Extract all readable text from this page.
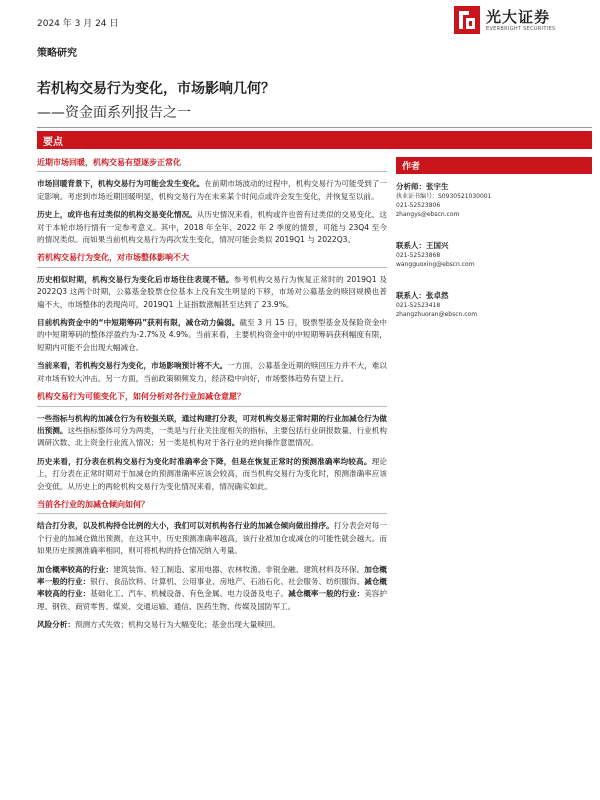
2024 年 3 月 24 日	光大证券
EVERBRIGHT SECURITIES
策略研究
若机构交易行为变化，市场影响几何？
——资金面系列报告之一
要点
近期市场回暖，机构交易有望逐步正常化

市场回暖背景下，机构交易行为可能会发生变化。在前期市场波动的过程中，机构交易行为可能受到了一定影响。考虑到市场近期回暖明显，机构交易行为在未来某个时间点或许会发生变化，并恢复至以前。

历史上，或许也有过类似的机构交易变化情况。从历史情况来看，机构或许也曾有过类似的交易变化，这对于本轮市场行情有一定参考意义。其中，2018 年全年、2022 年 2 季度的情景，可能与 23Q4 至今的情况类似。而如果当前机构交易行为再次发生变化，情况可能会类似 2019Q1 与 2022Q3。

若机构交易行为变化，对市场整体影响不大

历史相似时期，机构交易行为变化后市场往往表现不错。参考机构交易行为恢复正常时的 2019Q1 及 2022Q3 这两个时期，公募基金股票仓位基本上没有发生明显的下移，市场对公募基金的赎回规模也普遍不大，市场整体的表现尚可，2019Q1 上证指数涨幅甚至达到了 23.9%。

目前机构资金中的“中短期筹码”获利有限，减仓动力偏弱。截至 3 月 15 日，股票型基金及保险资金中的中短期筹码的整体浮盈约为-2.7%及 4.9%。当前来看，主要机构资金中的中短期筹码获利幅度有限，短期内可能不会出现大幅减仓。

当前来看，若机构交易行为变化，市场影响预计将不大。一方面，公募基金近期的赎回压力并不大，难以对市场有较大冲击。另一方面，当前政策频频发力，经济稳中向好，市场整体趋势有望上行。

机构交易行为可能变化下，如何分析对各行业加减仓意愿？

一些指标与机构的加减仓行为有较强关联，通过构建打分表，可对机构交易正常时期的行业加减仓行为做出预测。这些指标整体可分为两类，一类是与行业关注度相关的指标，主要包括行业研报数量、行业机构调研次数、北上资金行业流入情况；另一类是机构对于各行业的逆向操作意愿情况。

历史来看，打分表在机构交易行为变化时准确率会下降，但是在恢复正常时的预测准确率均较高。理论上，打分表在正常时期对于加减仓的预测准确率应该会较高，而当机构交易行为变化时，预测准确率应该会变低。从历史上的两轮机构交易行为变化情况来看，情况确实如此。

当前各行业的加减仓倾向如何？

结合打分表，以及机构持仓比例的大小，我们可以对机构各行业的加减仓倾向做出排序。打分表会对每一个行业的加减仓做出预测，在这其中，历史预测准确率越高，该行业被加仓或减仓的可能性就会越大。而如果历史预测准确率相同，则可将机构的持仓情况纳入考量。

加仓概率较高的行业：建筑装饰、轻工制造、家用电器、农林牧渔、非银金融、建筑材料及环保。加仓概率一般的行业：银行、食品饮料、计算机、公用事业、房地产、石油石化、社会服务、纺织服饰。减仓概率较高的行业：基础化工、汽车、机械设备、有色金属、电力设备及电子。减仓概率一般的行业：美容护理、钢铁、商贸零售、煤炭、交通运输、通信、医药生物、传媒及国防军工。

风险分析：预测方式失效；机构交易行为大幅变化；基金出现大量赎回。

作者
分析师：张宇生
执业证书编号：S0930521030001
021-52523806
zhangys@ebscn.com
联系人：王国兴
021-52523868
wangguoxing@ebscn.com
联系人：张卓然
021-52523418
zhangzhuoran@ebscn.com
